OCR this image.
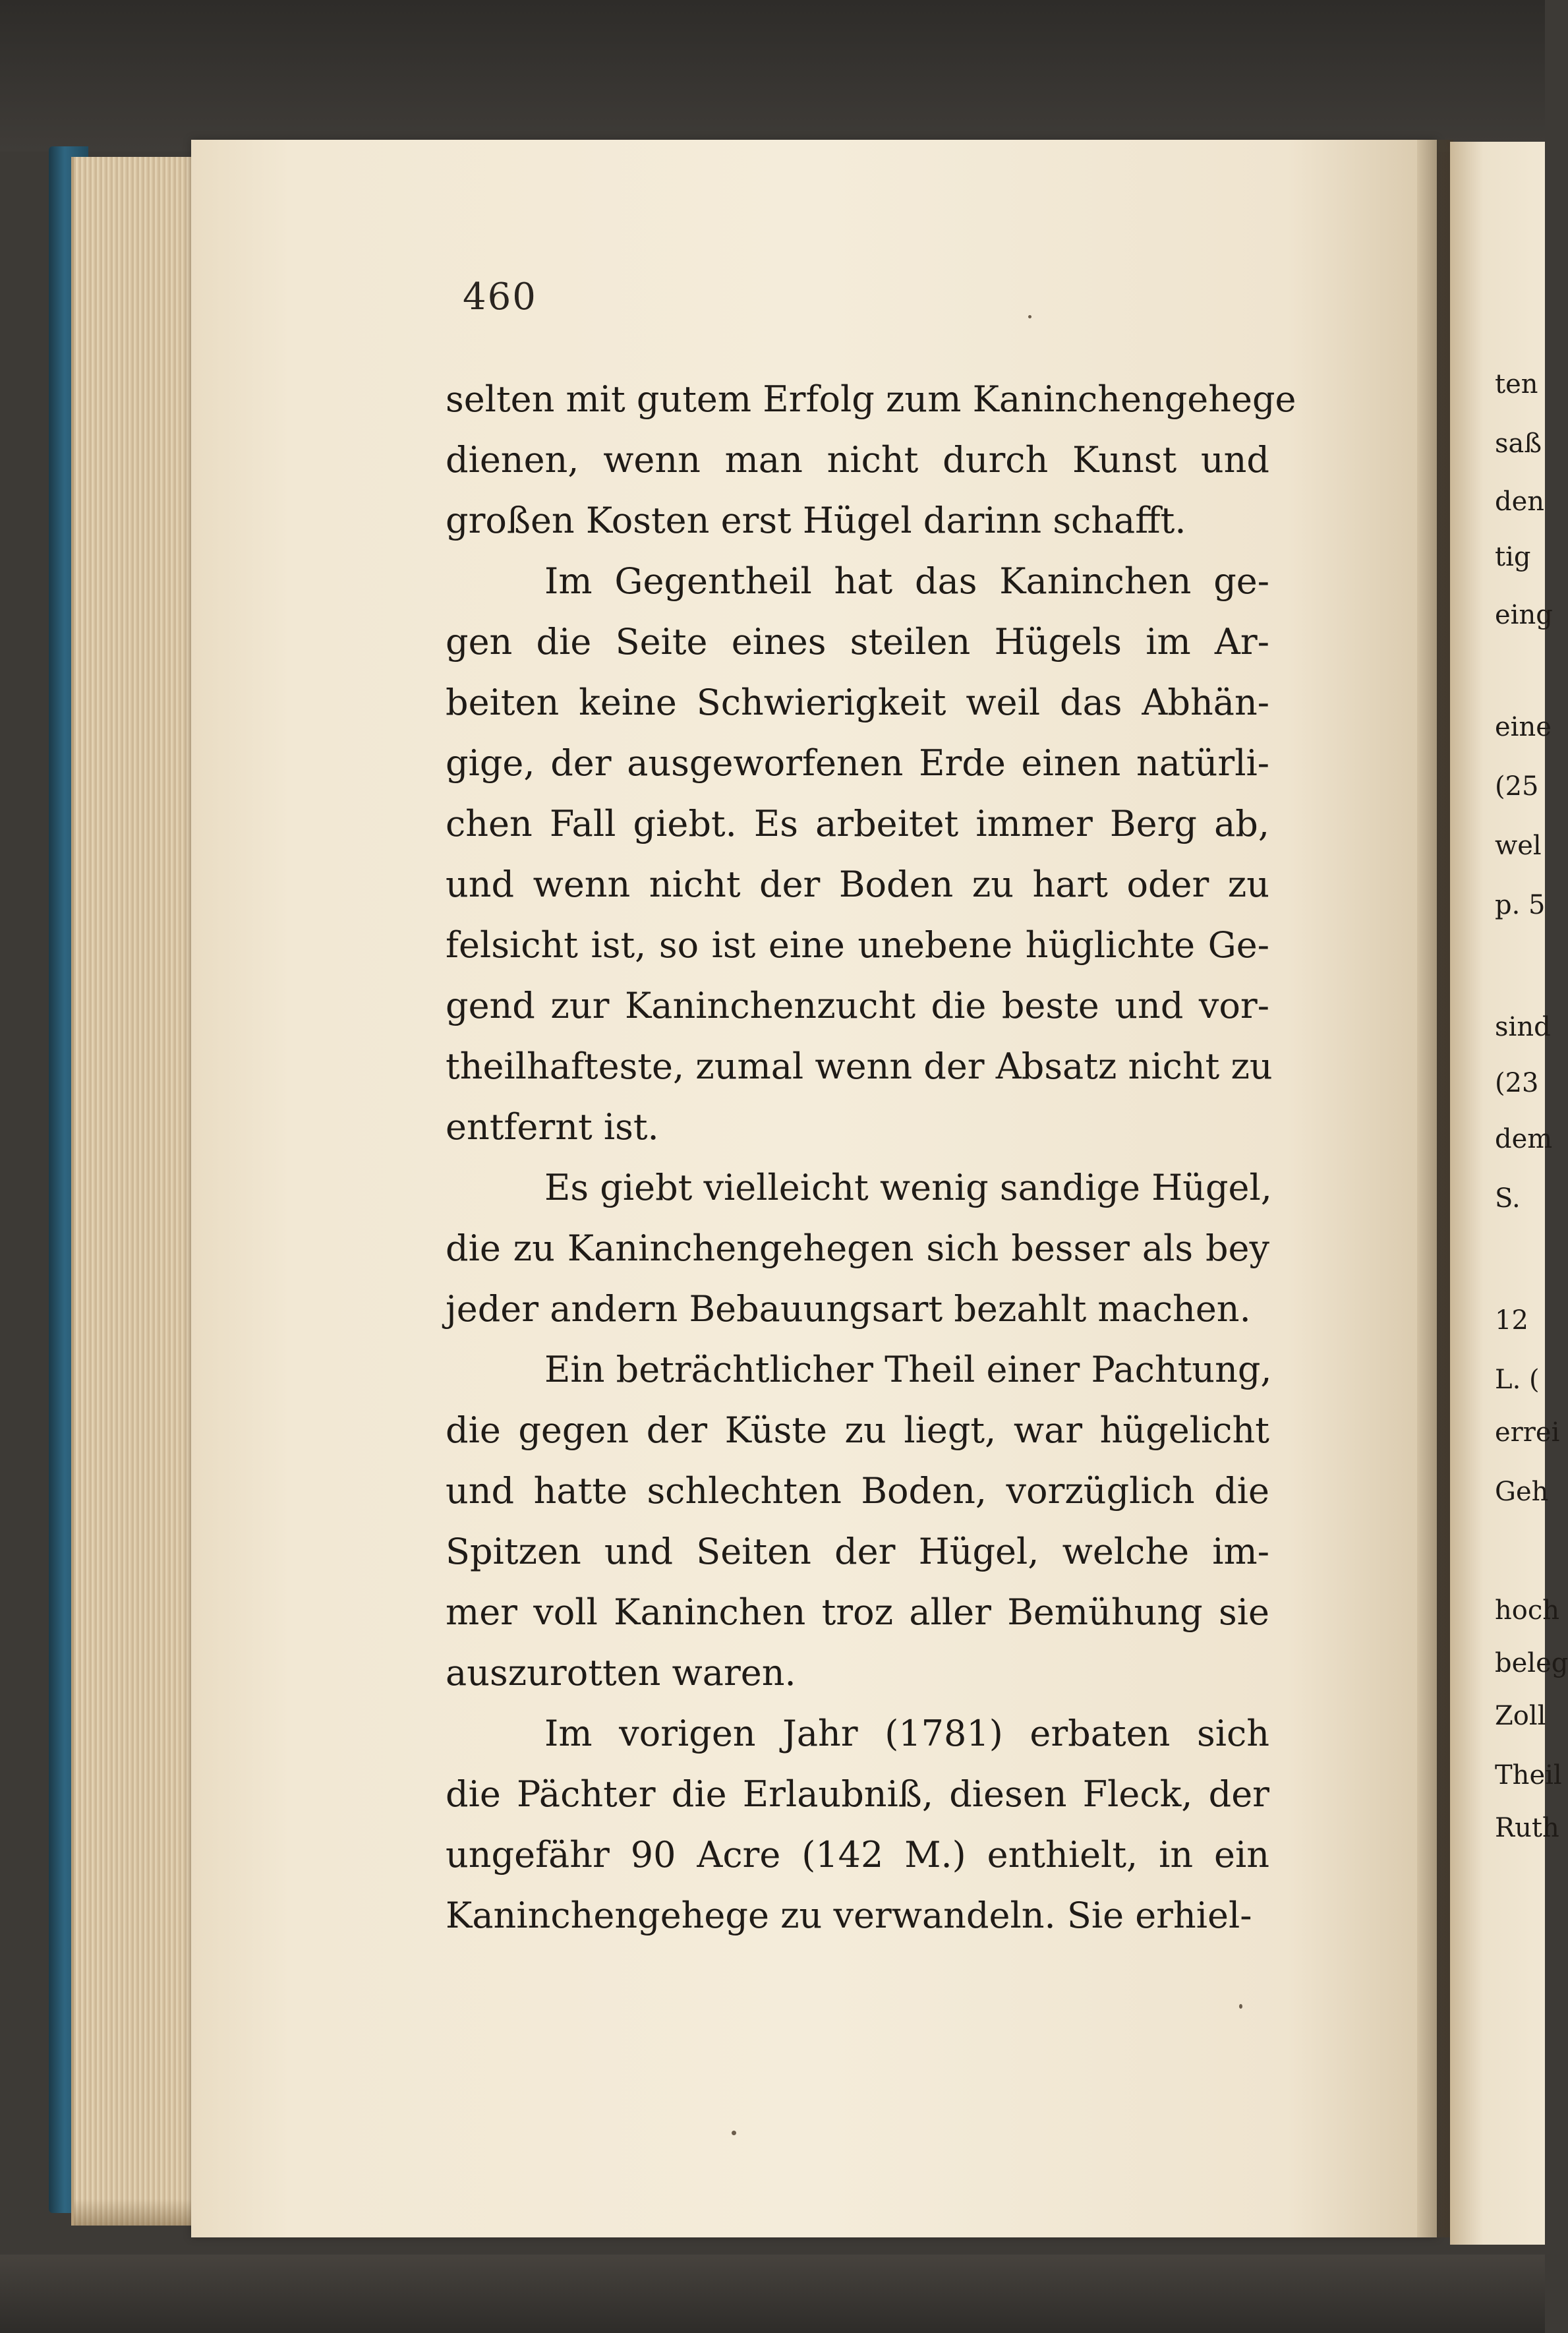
460
selten mit gutem Erfolg zum Kaninchengehege
dienen, wenn man nicht durch Kunst und
großen Kosten erst Hügel darinn schafft.
Im Gegentheil hat das Kaninchen ge-
gen die Seite eines steilen Hügels im Ar-
beiten keine Schwierigkeit weil das Abhän-
gige, der ausgeworfenen Erde einen natürli-
chen Fall giebt. Es arbeitet immer Berg ab,
und wenn nicht der Boden zu hart oder zu
felsicht ist, so ist eine unebene hüglichte Ge-
gend zur Kaninchenzucht die beste und vor-
theilhafteste, zumal wenn der Absatz nicht zu
entfernt ist.
Es giebt vielleicht wenig sandige Hügel,
die zu Kaninchengehegen sich besser als bey
jeder andern Bebauungsart bezahlt machen.
Ein beträchtlicher Theil einer Pachtung,
die gegen der Küste zu liegt, war hügelicht
und hatte schlechten Boden, vorzüglich die
Spitzen und Seiten der Hügel, welche im-
mer voll Kaninchen troz aller Bemühung sie
auszurotten waren.
Im vorigen Jahr (1781) erbaten sich
die Pächter die Erlaubniß, diesen Fleck, der
ungefähr 90 Acre (142 M.) enthielt, in ein
Kaninchengehege zu verwandeln. Sie erhiel-
ten
saß
den
tig
eing
eine
(25
wel
p. 5
sind
(23
dem
S.
12
L. (
errei
Geh
hoch
beleg
Zoll
Theil
Ruth
